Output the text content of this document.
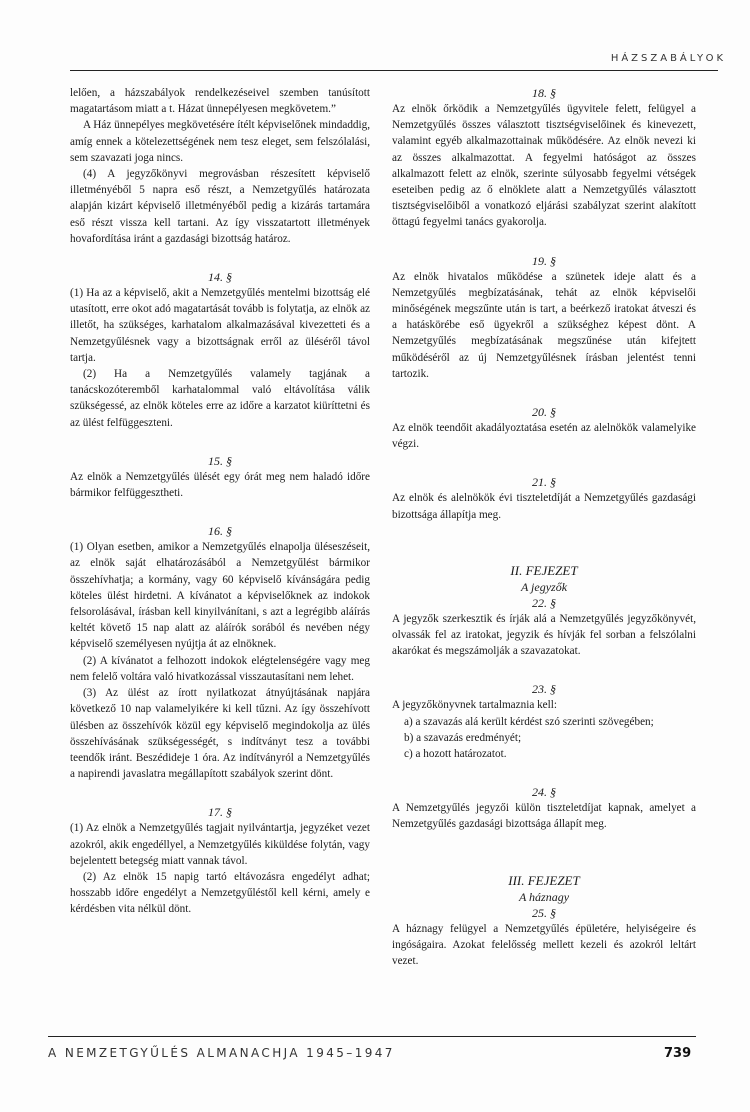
HÁZSZABÁLYOK

lelően, a házszabályok rendelkezéseivel szemben tanúsított magatartásom miatt a t. Házat ünnepélyesen megkövetem.”

A Ház ünnepélyes megkövetésére ítélt képviselőnek mindaddig, amíg ennek a kötelezettségének nem tesz eleget, sem felszólalási, sem szavazati joga nincs.

(4) A jegyzőkönyvi megrovásban részesített képviselő illetményéből 5 napra eső részt, a Nemzetgyűlés határozata alapján kizárt képviselő illetményéből pedig a kizárás tartamára eső részt vissza kell tartani. Az így visszatartott illetmények hovafordítása iránt a gazdasági bizottság határoz.

14. §

(1) Ha az a képviselő, akit a Nemzetgyűlés mentelmi bizottság elé utasított, erre okot adó magatartását tovább is folytatja, az elnök az illetőt, ha szükséges, karhatalom alkalmazásával kivezetteti és a Nemzetgyűlésnek vagy a bizottságnak erről az üléséről távol tartja.

(2) Ha a Nemzetgyűlés valamely tagjának a tanácskozóteremből karhatalommal való eltávolítása válik szükségessé, az elnök köteles erre az időre a karzatot kiüríttetni és az ülést felfüggeszteni.

15. §

Az elnök a Nemzetgyűlés ülését egy órát meg nem haladó időre bármikor felfüggesztheti.

16. §

(1) Olyan esetben, amikor a Nemzetgyűlés elnapolja üléseszéseit, az elnök saját elhatározásából a Nemzetgyűlést bármikor összehívhatja; a kormány, vagy 60 képviselő kívánságára pedig köteles ülést hirdetni. A kívánatot a képviselőknek az indokok felsorolásával, írásban kell kinyilvánítani, s azt a legrégibb aláírás keltét követő 15 nap alatt az aláírók sorából és nevében négy képviselő személyesen nyújtja át az elnöknek.

(2) A kívánatot a felhozott indokok elégtelenségére vagy meg nem felelő voltára való hivatkozással visszautasítani nem lehet.

(3) Az ülést az írott nyilatkozat átnyújtásának napjára következő 10 nap valamelyikére ki kell tűzni. Az így összehívott ülésben az összehívók közül egy képviselő megindokolja az ülés összehívásának szükségességét, s indítványt tesz a további teendők iránt. Beszédideje 1 óra. Az indítványról a Nemzetgyűlés a napirendi javaslatra megállapított szabályok szerint dönt.

17. §

(1) Az elnök a Nemzetgyűlés tagjait nyilvántartja, jegyzéket vezet azokról, akik engedéllyel, a Nemzetgyűlés kiküldése folytán, vagy bejelentett betegség miatt vannak távol.

(2) Az elnök 15 napig tartó eltávozásra engedélyt adhat; hosszabb időre engedélyt a Nemzetgyűléstől kell kérni, amely e kérdésben vita nélkül dönt.

18. §

Az elnök őrködik a Nemzetgyűlés ügyvitele felett, felügyel a Nemzetgyűlés összes választott tisztségviselőinek és kinevezett, valamint egyéb alkalmazottainak működésére. Az elnök nevezi ki az összes alkalmazottat. A fegyelmi hatóságot az összes alkalmazott felett az elnök, szerinte súlyosabb fegyelmi vétségek eseteiben pedig az ő elnöklete alatt a Nemzetgyűlés választott tisztségviselőiből a vonatkozó eljárási szabályzat szerint alakított öttagú fegyelmi tanács gyakorolja.

19. §

Az elnök hivatalos működése a szünetek ideje alatt és a Nemzetgyűlés megbízatásának, tehát az elnök képviselői minőségének megszűnte után is tart, a beérkező iratokat átveszi és a hatáskörébe eső ügyekről a szükséghez képest dönt. A Nemzetgyűlés megbízatásának megszűnése után kifejtett működéséről az új Nemzetgyűlésnek írásban jelentést tenni tartozik.

20. §

Az elnök teendőit akadályoztatása esetén az alelnökök valamelyike végzi.

21. §

Az elnök és alelnökök évi tiszteletdíját a Nemzetgyűlés gazdasági bizottsága állapítja meg.

II. FEJEZET
A jegyzők
22. §

A jegyzők szerkesztik és írják alá a Nemzetgyűlés jegyzőkönyvét, olvassák fel az iratokat, jegyzik és hívják fel sorban a felszólalni akarókat és megszámolják a szavazatokat.

23. §

A jegyzőkönyvnek tartalmaznia kell:

a) a szavazás alá került kérdést szó szerinti szövegében;

b) a szavazás eredményét;

c) a hozott határozatot.

24. §

A Nemzetgyűlés jegyzői külön tiszteletdíjat kapnak, amelyet a Nemzetgyűlés gazdasági bizottsága állapít meg.

III. FEJEZET
A háznagy
25. §

A háznagy felügyel a Nemzetgyűlés épületére, helyiségeire és ingóságaira. Azokat felelősség mellett kezeli és azokról leltárt vezet.

A NEMZETGYŰLÉS ALMANACHJA 1945–1947	739
